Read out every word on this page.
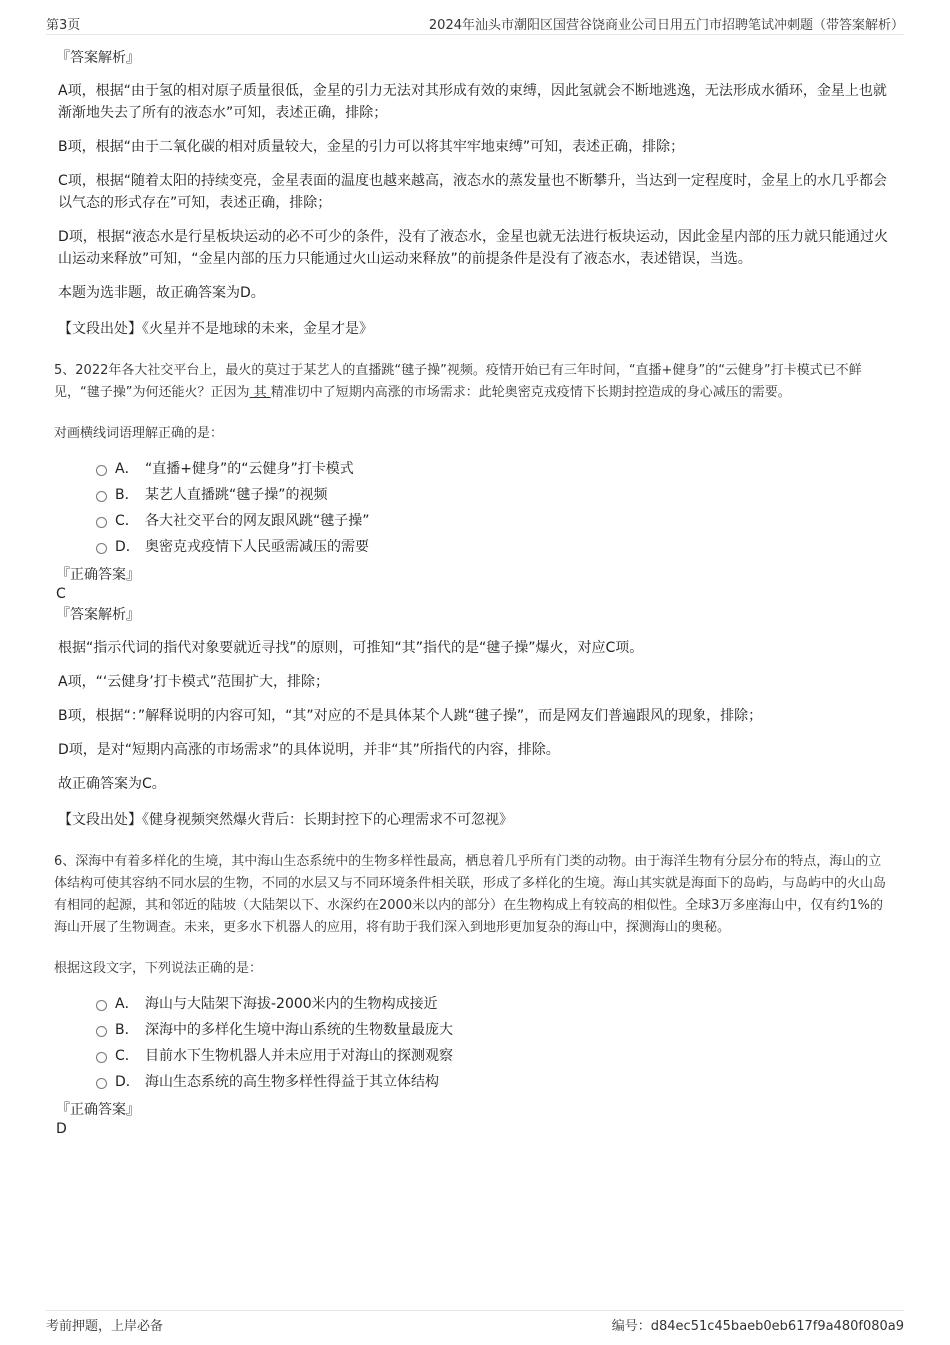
第3页	2024年汕头市潮阳区国营谷饶商业公司日用五门市招聘笔试冲刺题（带答案解析）
『答案解析』
A项，根据“由于氢的相对原子质量很低，金星的引力无法对其形成有效的束缚，因此氢就会不断地逃逸，无法形成水循环，金星上也就渐渐地失去了所有的液态水”可知，表述正确，排除；
B项，根据“由于二氧化碳的相对质量较大，金星的引力可以将其牢牢地束缚”可知，表述正确，排除；
C项，根据“随着太阳的持续变亮，金星表面的温度也越来越高，液态水的蒸发量也不断攀升，当达到一定程度时，金星上的水几乎都会以气态的形式存在”可知，表述正确，排除；
D项，根据“液态水是行星板块运动的必不可少的条件，没有了液态水，金星也就无法进行板块运动，因此金星内部的压力就只能通过火山运动来释放”可知，“金星内部的压力只能通过火山运动来释放”的前提条件是没有了液态水，表述错误，当选。
本题为选非题，故正确答案为D。
【文段出处】《火星并不是地球的未来，金星才是》
5、2022年各大社交平台上，最火的莫过于某艺人的直播跳“毽子操”视频。疫情开始已有三年时间，“直播+健身”的“云健身”打卡模式已不鲜见，“毽子操”为何还能火？正因为 其 精准切中了短期内高涨的市场需求：此轮奥密克戎疫情下长期封控造成的身心减压的需要。
对画横线词语理解正确的是：
A． “直播+健身”的“云健身”打卡模式
B． 某艺人直播跳“毽子操”的视频
C． 各大社交平台的网友跟风跳“毽子操”
D． 奥密克戎疫情下人民亟需减压的需要
『正确答案』
C
『答案解析』
根据“指示代词的指代对象要就近寻找”的原则，可推知“其”指代的是“毽子操”爆火，对应C项。
A项，“‘云健身’打卡模式”范围扩大，排除；
B项，根据“：”解释说明的内容可知，“其”对应的不是具体某个人跳“毽子操”，而是网友们普遍跟风的现象，排除；
D项，是对“短期内高涨的市场需求”的具体说明，并非“其”所指代的内容，排除。
故正确答案为C。
【文段出处】《健身视频突然爆火背后：长期封控下的心理需求不可忽视》
6、深海中有着多样化的生境，其中海山生态系统中的生物多样性最高，栖息着几乎所有门类的动物。由于海洋生物有分层分布的特点，海山的立体结构可使其容纳不同水层的生物，不同的水层又与不同环境条件相关联，形成了多样化的生境。海山其实就是海面下的岛屿，与岛屿中的火山岛有相同的起源，其和邻近的陆坡（大陆架以下、水深约在2000米以内的部分）在生物构成上有较高的相似性。全球3万多座海山中，仅有约1%的海山开展了生物调查。未来，更多水下机器人的应用，将有助于我们深入到地形更加复杂的海山中，探测海山的奥秘。
根据这段文字，下列说法正确的是：
A． 海山与大陆架下海拔-2000米内的生物构成接近
B． 深海中的多样化生境中海山系统的生物数量最庞大
C． 目前水下生物机器人并未应用于对海山的探测观察
D． 海山生态系统的高生物多样性得益于其立体结构
『正确答案』
D
考前押题，上岸必备	编号：d84ec51c45baeb0eb617f9a480f080a9
